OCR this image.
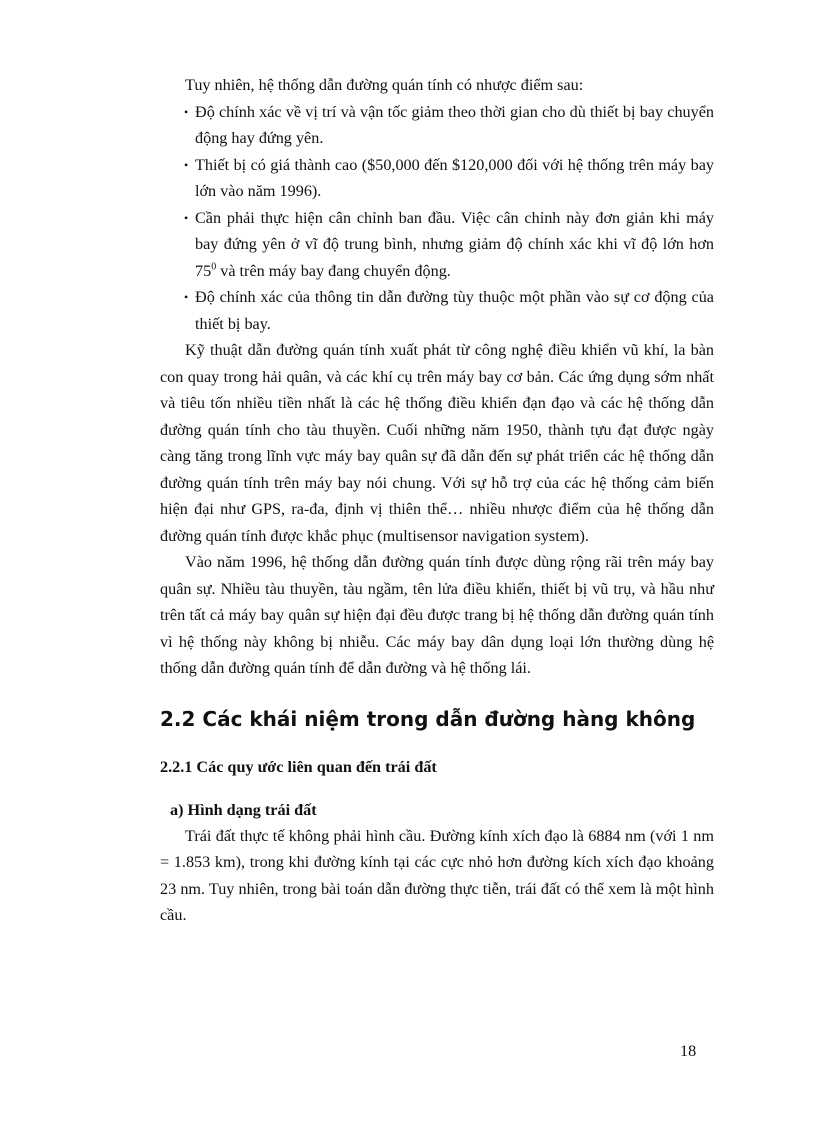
Tuy nhiên, hệ thống dẫn đường quán tính có nhược điểm sau:

• Độ chính xác về vị trí và vận tốc giảm theo thời gian cho dù thiết bị bay chuyển động hay đứng yên.
• Thiết bị có giá thành cao ($50,000 đến $120,000 đối với hệ thống trên máy bay lớn vào năm 1996).
• Cần phải thực hiện cân chỉnh ban đầu. Việc cân chỉnh này đơn giản khi máy bay đứng yên ở vĩ độ trung bình, nhưng giảm độ chính xác khi vĩ độ lớn hơn $75^0$ và trên máy bay đang chuyển động.
• Độ chính xác của thông tin dẫn đường tùy thuộc một phần vào sự cơ động của thiết bị bay.

Kỹ thuật dẫn đường quán tính xuất phát từ công nghệ điều khiển vũ khí, la bàn con quay trong hải quân, và các khí cụ trên máy bay cơ bản. Các ứng dụng sớm nhất và tiêu tốn nhiều tiền nhất là các hệ thống điều khiển đạn đạo và các hệ thống dẫn đường quán tính cho tàu thuyền. Cuối những năm 1950, thành tựu đạt được ngày càng tăng trong lĩnh vực máy bay quân sự đã dẫn đến sự phát triển các hệ thống dẫn đường quán tính trên máy bay nói chung. Với sự hỗ trợ của các hệ thống cảm biến hiện đại như GPS, ra-đa, định vị thiên thể… nhiều nhược điểm của hệ thống dẫn đường quán tính được khắc phục (multisensor navigation system).

Vào năm 1996, hệ thống dẫn đường quán tính được dùng rộng rãi trên máy bay quân sự. Nhiều tàu thuyền, tàu ngầm, tên lửa điều khiển, thiết bị vũ trụ, và hầu như trên tất cả máy bay quân sự hiện đại đều được trang bị hệ thống dẫn đường quán tính vì hệ thống này không bị nhiễu. Các máy bay dân dụng loại lớn thường dùng hệ thống dẫn đường quán tính để dẫn đường và hệ thống lái.

2.2 Các khái niệm trong dẫn đường hàng không
2.2.1 Các quy ước liên quan đến trái đất
a) Hình dạng trái đất

Trái đất thực tế không phải hình cầu. Đường kính xích đạo là 6884 nm (với 1 nm = 1.853 km), trong khi đường kính tại các cực nhỏ hơn đường kích xích đạo khoảng 23 nm. Tuy nhiên, trong bài toán dẫn đường thực tiễn, trái đất có thể xem là một hình cầu.

18
